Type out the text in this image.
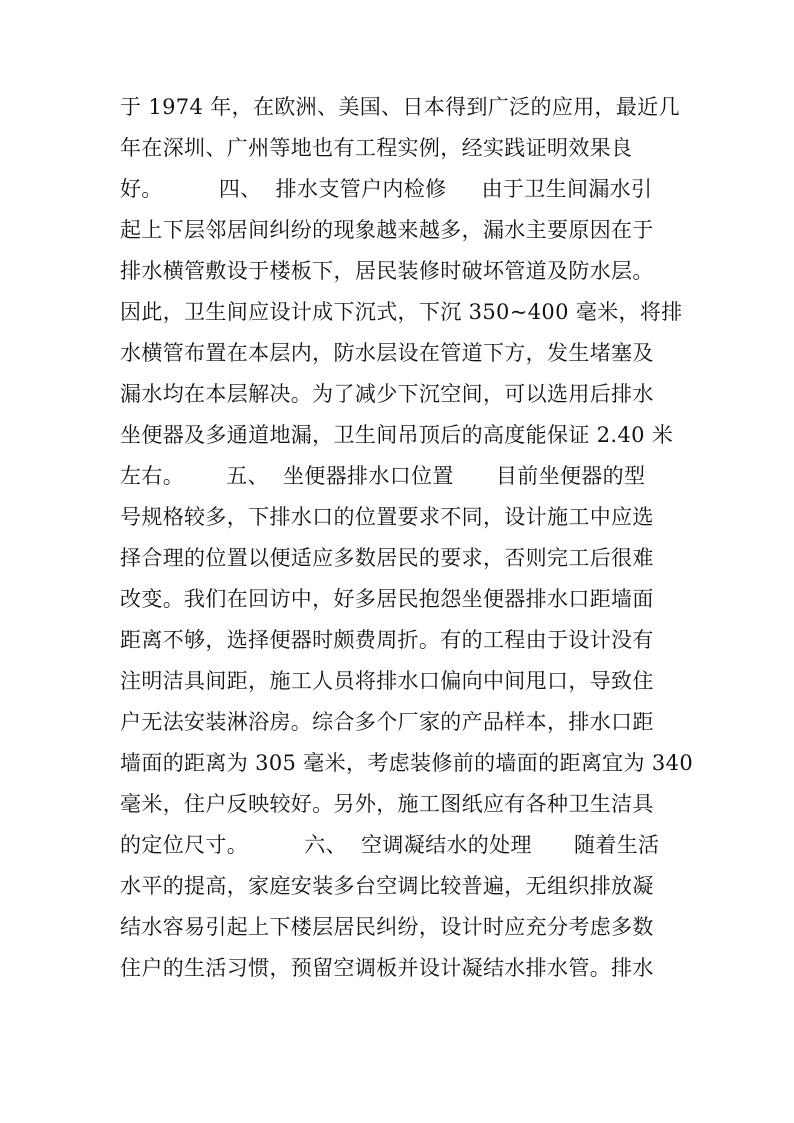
于 1974 年，在欧洲、美国、日本得到广泛的应用，最近几
年在深圳、广州等地也有工程实例，经实践证明效果良
好。        四、  排水支管户内检修     由于卫生间漏水引
起上下层邻居间纠纷的现象越来越多，漏水主要原因在于
排水横管敷设于楼板下，居民装修时破坏管道及防水层。
因此，卫生间应设计成下沉式，下沉 350~400 毫米，将排
水横管布置在本层内，防水层设在管道下方，发生堵塞及
漏水均在本层解决。为了减少下沉空间，可以选用后排水
坐便器及多通道地漏，卫生间吊顶后的高度能保证 2.40 米
左右。      五、  坐便器排水口位置      目前坐便器的型
号规格较多，下排水口的位置要求不同，设计施工中应选
择合理的位置以便适应多数居民的要求，否则完工后很难
改变。我们在回访中，好多居民抱怨坐便器排水口距墙面
距离不够，选择便器时颇费周折。有的工程由于设计没有
注明洁具间距，施工人员将排水口偏向中间甩口，导致住
户无法安装淋浴房。综合多个厂家的产品样本，排水口距
墙面的距离为 305 毫米，考虑装修前的墙面的距离宜为 340
毫米，住户反映较好。另外，施工图纸应有各种卫生洁具
的定位尺寸。        六、  空调凝结水的处理      随着生活
水平的提高，家庭安装多台空调比较普遍，无组织排放凝
结水容易引起上下楼层居民纠纷，设计时应充分考虑多数
住户的生活习惯，预留空调板并设计凝结水排水管。排水
